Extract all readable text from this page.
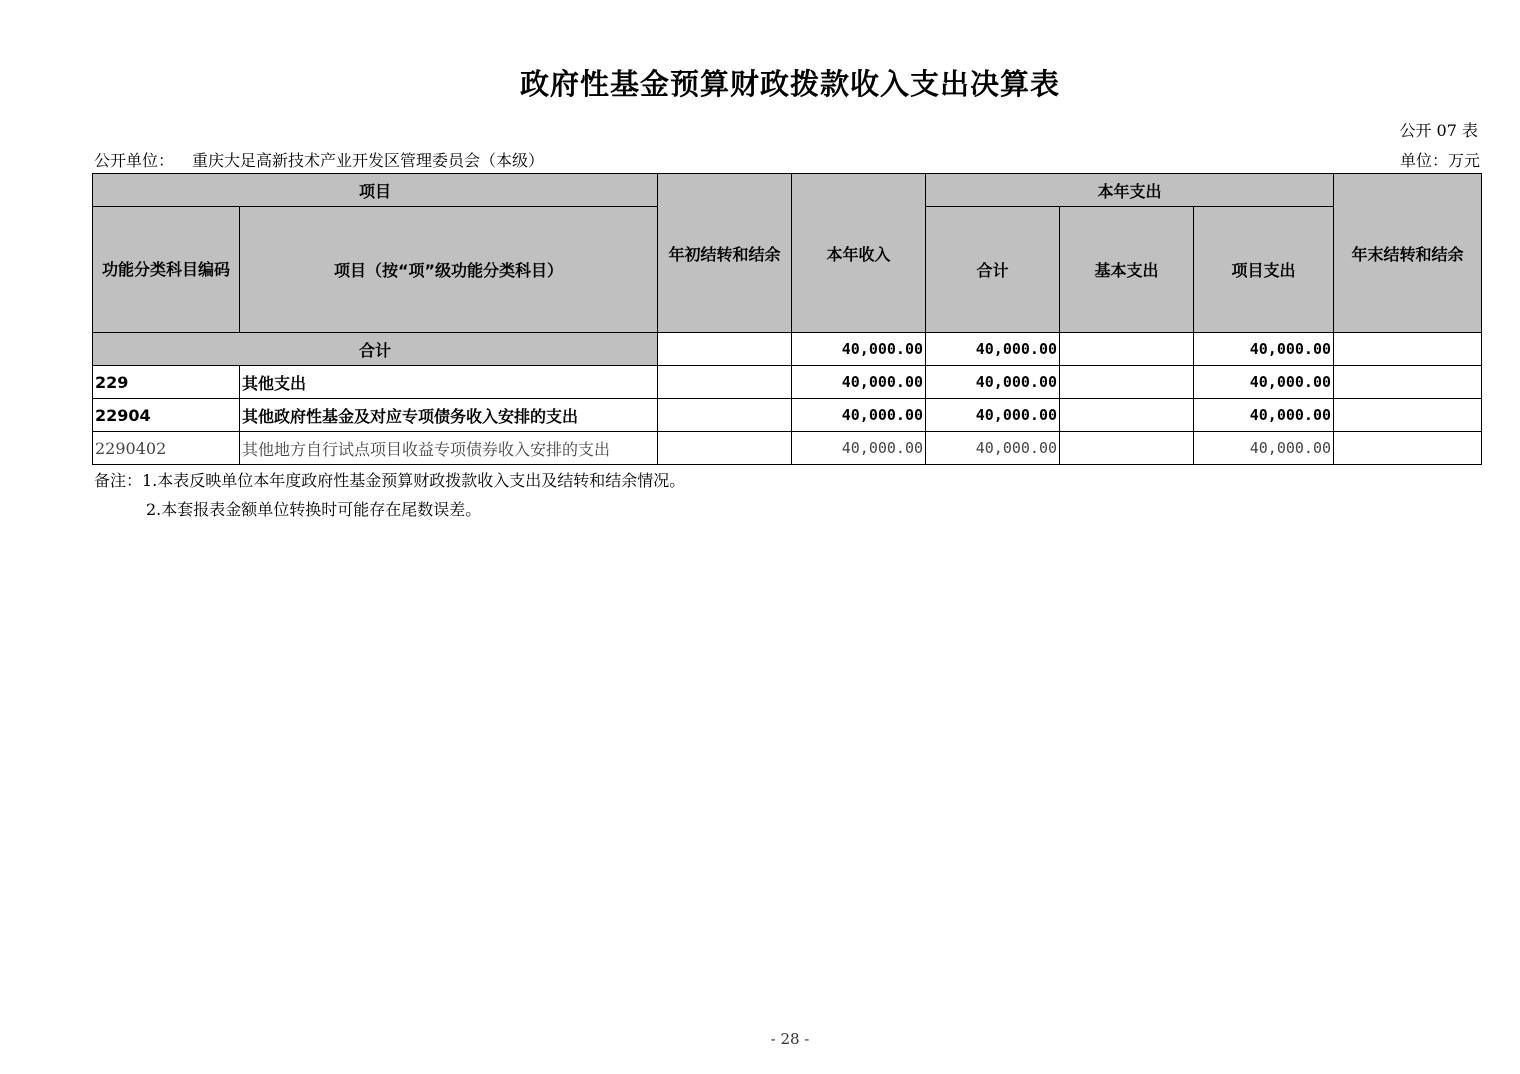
政府性基金预算财政拨款收入支出决算表
公开 07 表
公开单位： 重庆大足高新技术产业开发区管理委员会（本级）	单位：万元
项目		年初结转和结余	本年收入	本年支出			年末结转和结余
功能分类科目编码	项目（按“项”级功能分类科目）			合计	基本支出	项目支出	
合计			40,000.00	40,000.00		40,000.00	
229	其他支出		40,000.00	40,000.00		40,000.00	
22904	其他政府性基金及对应专项债务收入安排的支出		40,000.00	40,000.00		40,000.00	
2290402	其他地方自行试点项目收益专项债券收入安排的支出		40,000.00	40,000.00		40,000.00	
备注：1.本表反映单位本年度政府性基金预算财政拨款收入支出及结转和结余情况。
2.本套报表金额单位转换时可能存在尾数误差。
- 28 -
